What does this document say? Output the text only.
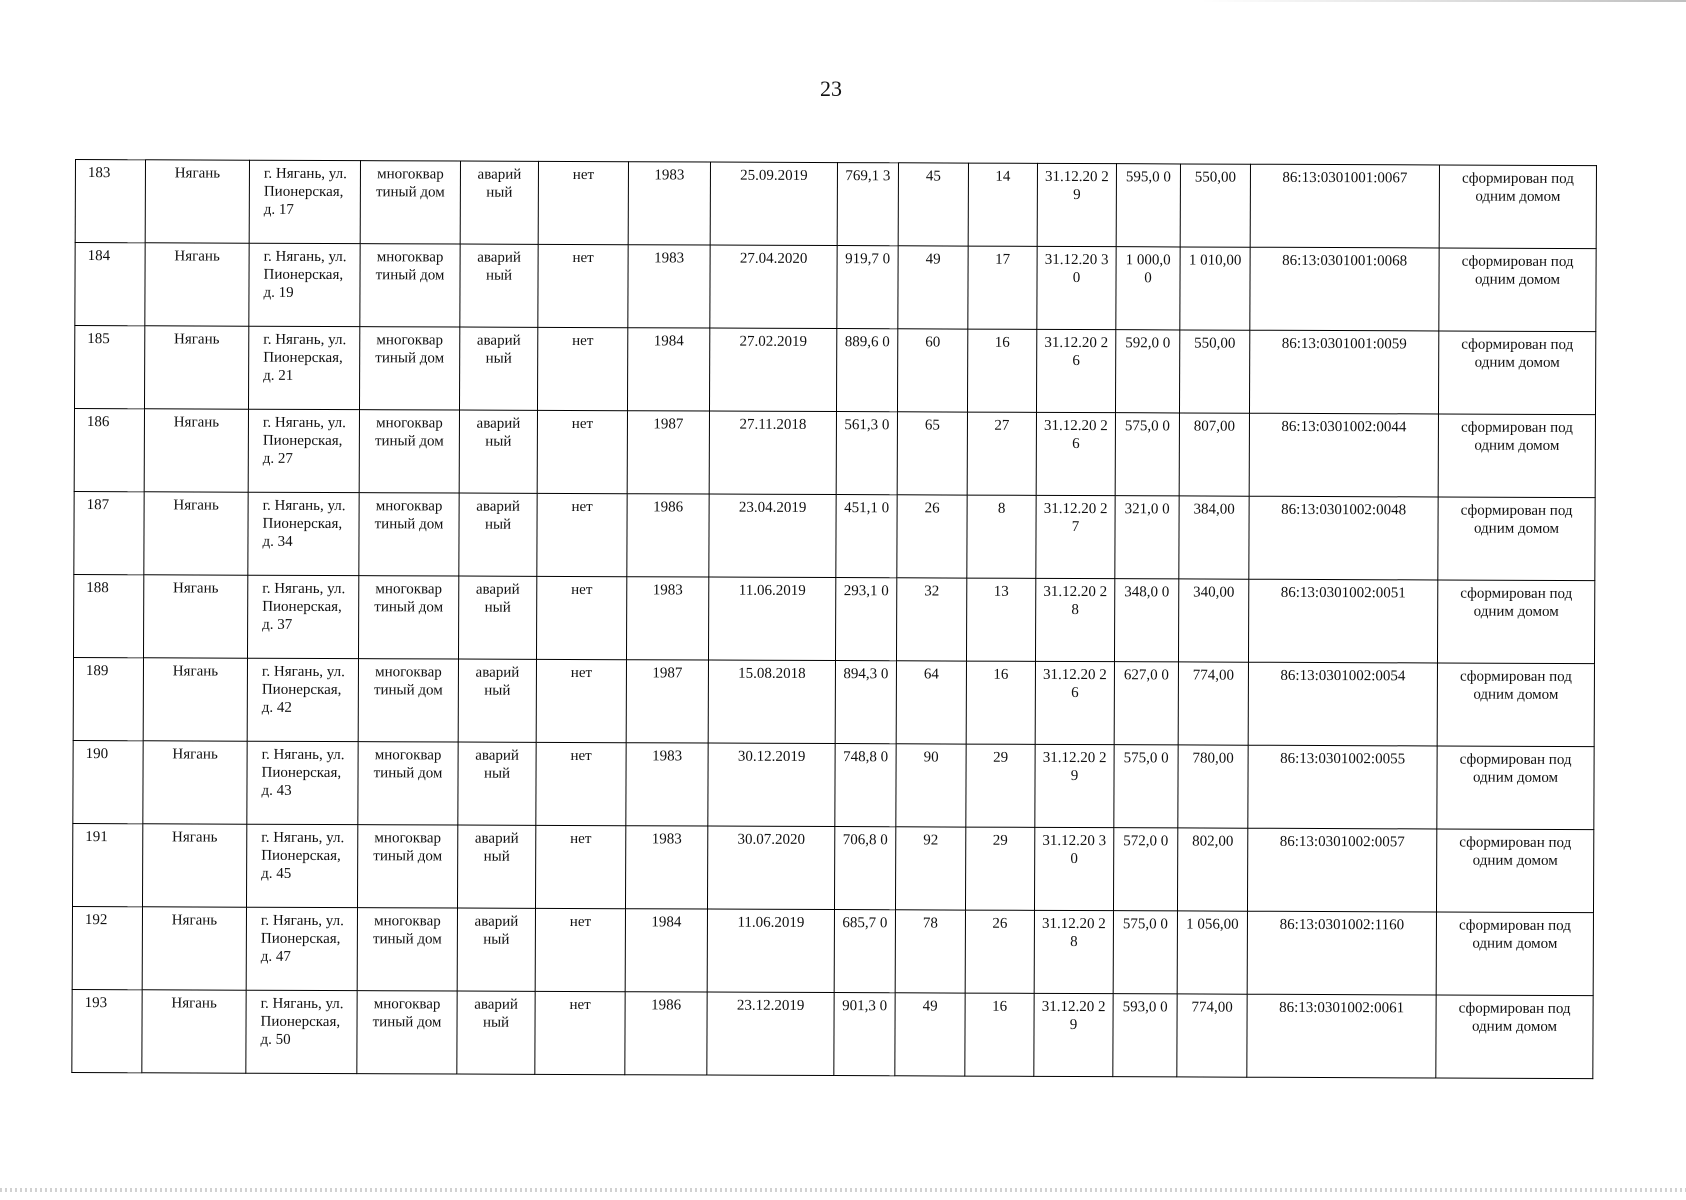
23
183	Нягань	г. Нягань, ул. Пионерская, д. 17	многоквар тиный дом	аварий ный	нет	1983	25.09.2019	769,1 3	45	14	31.12.20 29	595,0 0	550,00	86:13:0301001:0067	сформирован под одним домом
184	Нягань	г. Нягань, ул. Пионерская, д. 19	многоквар тиный дом	аварий ный	нет	1983	27.04.2020	919,7 0	49	17	31.12.20 30	1 000,0 0	1 010,00	86:13:0301001:0068	сформирован под одним домом
185	Нягань	г. Нягань, ул. Пионерская, д. 21	многоквар тиный дом	аварий ный	нет	1984	27.02.2019	889,6 0	60	16	31.12.20 26	592,0 0	550,00	86:13:0301001:0059	сформирован под одним домом
186	Нягань	г. Нягань, ул. Пионерская, д. 27	многоквар тиный дом	аварий ный	нет	1987	27.11.2018	561,3 0	65	27	31.12.20 26	575,0 0	807,00	86:13:0301002:0044	сформирован под одним домом
187	Нягань	г. Нягань, ул. Пионерская, д. 34	многоквар тиный дом	аварий ный	нет	1986	23.04.2019	451,1 0	26	8	31.12.20 27	321,0 0	384,00	86:13:0301002:0048	сформирован под одним домом
188	Нягань	г. Нягань, ул. Пионерская, д. 37	многоквар тиный дом	аварий ный	нет	1983	11.06.2019	293,1 0	32	13	31.12.20 28	348,0 0	340,00	86:13:0301002:0051	сформирован под одним домом
189	Нягань	г. Нягань, ул. Пионерская, д. 42	многоквар тиный дом	аварий ный	нет	1987	15.08.2018	894,3 0	64	16	31.12.20 26	627,0 0	774,00	86:13:0301002:0054	сформирован под одним домом
190	Нягань	г. Нягань, ул. Пионерская, д. 43	многоквар тиный дом	аварий ный	нет	1983	30.12.2019	748,8 0	90	29	31.12.20 29	575,0 0	780,00	86:13:0301002:0055	сформирован под одним домом
191	Нягань	г. Нягань, ул. Пионерская, д. 45	многоквар тиный дом	аварий ный	нет	1983	30.07.2020	706,8 0	92	29	31.12.20 30	572,0 0	802,00	86:13:0301002:0057	сформирован под одним домом
192	Нягань	г. Нягань, ул. Пионерская, д. 47	многоквар тиный дом	аварий ный	нет	1984	11.06.2019	685,7 0	78	26	31.12.20 28	575,0 0	1 056,00	86:13:0301002:1160	сформирован под одним домом
193	Нягань	г. Нягань, ул. Пионерская, д. 50	многоквар тиный дом	аварий ный	нет	1986	23.12.2019	901,3 0	49	16	31.12.20 29	593,0 0	774,00	86:13:0301002:0061	сформирован под одним домом
